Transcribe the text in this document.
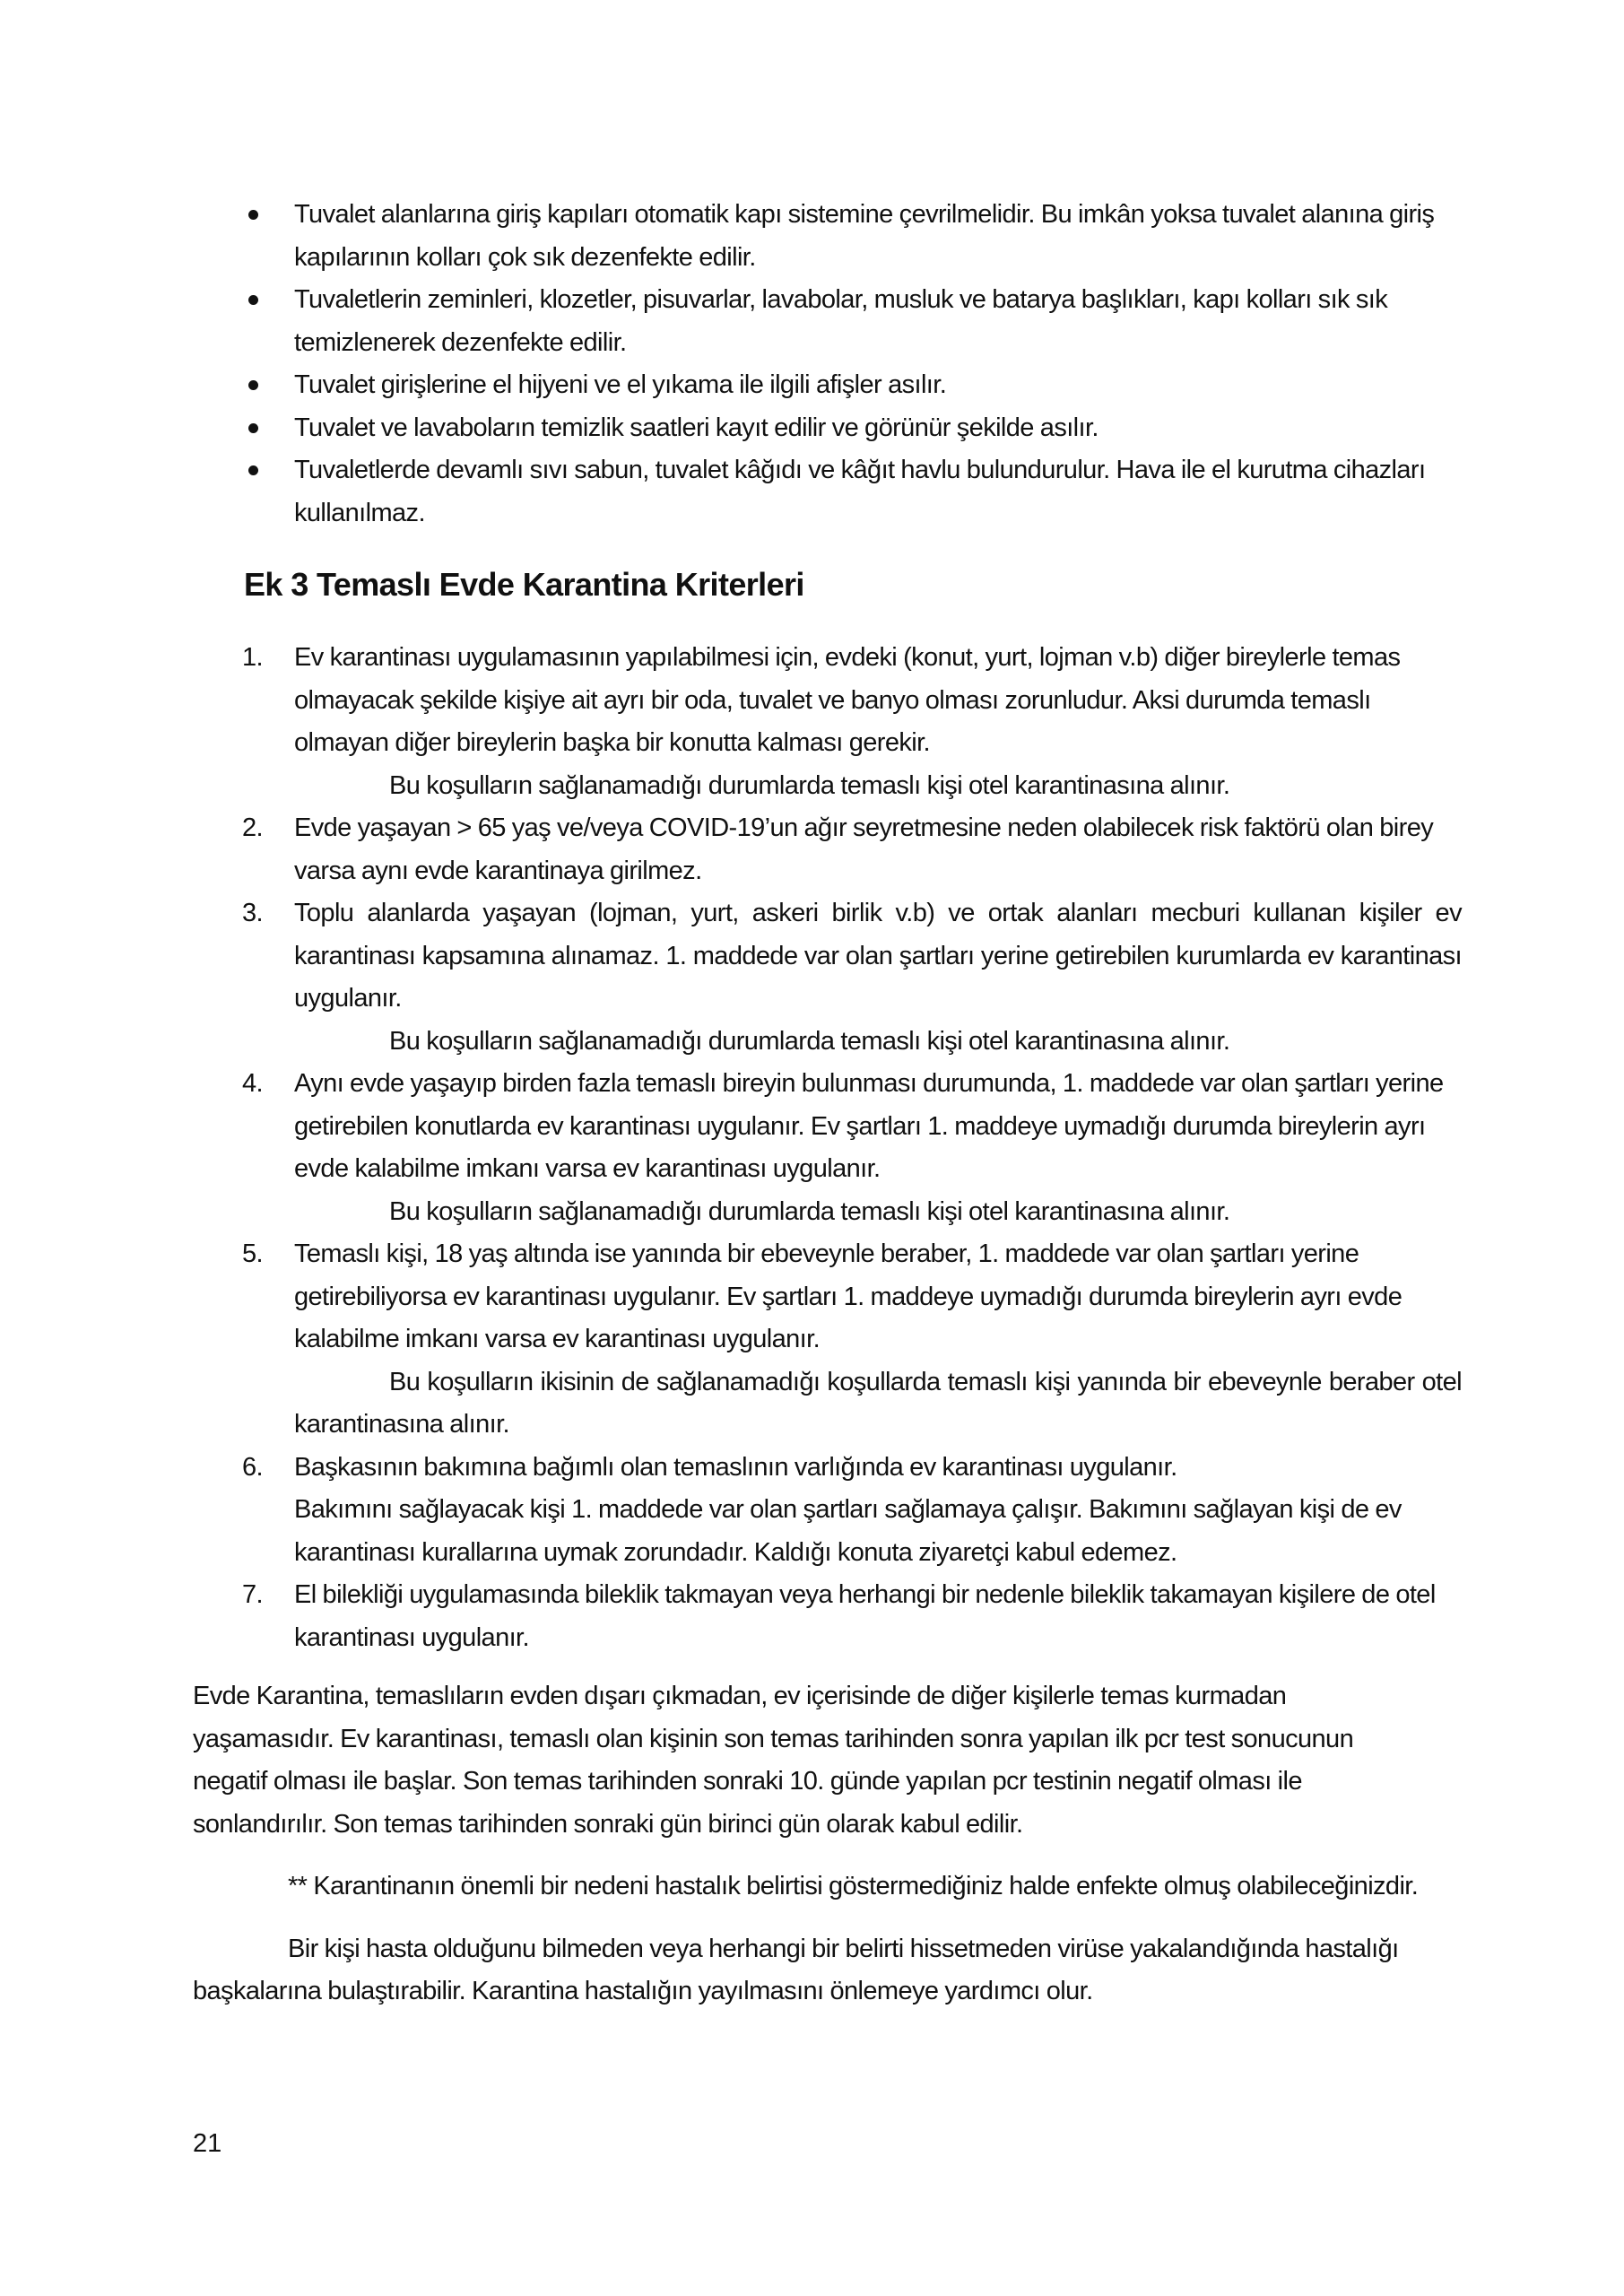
Tuvalet alanlarına giriş kapıları otomatik kapı sistemine çevrilmelidir. Bu imkân yoksa tuvalet alanına giriş kapılarının kolları çok sık dezenfekte edilir.
Tuvaletlerin zeminleri, klozetler, pisuvarlar, lavabolar, musluk ve batarya başlıkları, kapı kolları sık sık temizlenerek dezenfekte edilir.
Tuvalet girişlerine el hijyeni ve el yıkama ile ilgili afişler asılır.
Tuvalet ve lavaboların temizlik saatleri kayıt edilir ve görünür şekilde asılır.
Tuvaletlerde devamlı sıvı sabun, tuvalet kâğıdı ve kâğıt havlu bulundurulur. Hava ile el kurutma cihazları kullanılmaz.
Ek 3 Temaslı Evde Karantina Kriterleri
1.	Ev karantinası uygulamasının yapılabilmesi için, evdeki (konut, yurt, lojman v.b) diğer bireylerle temas olmayacak şekilde kişiye ait ayrı bir oda, tuvalet ve banyo olması zorunludur. Aksi durumda temaslı olmayan diğer bireylerin başka bir konutta kalması gerekir.
Bu koşulların sağlanamadığı durumlarda temaslı kişi otel karantinasına alınır.
2.	Evde yaşayan > 65 yaş ve/veya COVID-19’un ağır seyretmesine neden olabilecek risk faktörü olan birey varsa aynı evde karantinaya girilmez.
3.	Toplu alanlarda yaşayan (lojman, yurt, askeri birlik v.b) ve ortak alanları mecburi kullanan kişiler ev karantinası kapsamına alınamaz. 1. maddede var olan şartları yerine getirebilen kurumlarda ev karantinası uygulanır.
Bu koşulların sağlanamadığı durumlarda temaslı kişi otel karantinasına alınır.
4.	Aynı evde yaşayıp birden fazla temaslı bireyin bulunması durumunda, 1. maddede var olan şartları yerine getirebilen konutlarda ev karantinası uygulanır. Ev şartları 1. maddeye uymadığı durumda bireylerin ayrı evde kalabilme imkanı varsa ev karantinası uygulanır.
Bu koşulların sağlanamadığı durumlarda temaslı kişi otel karantinasına alınır.
5.	Temaslı kişi, 18 yaş altında ise yanında bir ebeveynle beraber, 1. maddede var olan şartları yerine getirebiliyorsa ev karantinası uygulanır. Ev şartları 1. maddeye uymadığı durumda bireylerin ayrı evde kalabilme imkanı varsa ev karantinası uygulanır.
Bu koşulların ikisinin de sağlanamadığı koşullarda temaslı kişi yanında bir ebeveynle beraber otel karantinasına alınır.
6.	Başkasının bakımına bağımlı olan temaslının varlığında ev karantinası uygulanır.
Bakımını sağlayacak kişi 1. maddede var olan şartları sağlamaya çalışır. Bakımını sağlayan kişi de ev karantinası kurallarına uymak zorundadır. Kaldığı konuta ziyaretçi kabul edemez.
7.	El bilekliği uygulamasında bileklik takmayan veya herhangi bir nedenle bileklik takamayan kişilere de otel karantinası uygulanır.

Evde Karantina, temaslıların evden dışarı çıkmadan, ev içerisinde de diğer kişilerle temas kurmadan yaşamasıdır. Ev karantinası, temaslı olan kişinin son temas tarihinden sonra yapılan ilk pcr test sonucunun negatif olması ile başlar. Son temas tarihinden sonraki 10. günde yapılan pcr testinin negatif olması ile sonlandırılır. Son temas tarihinden sonraki gün birinci gün olarak kabul edilir.

** Karantinanın önemli bir nedeni hastalık belirtisi göstermediğiniz halde enfekte olmuş olabileceğinizdir.

Bir kişi hasta olduğunu bilmeden veya herhangi bir belirti hissetmeden virüse yakalandığında hastalığı başkalarına bulaştırabilir. Karantina hastalığın yayılmasını önlemeye yardımcı olur.

21
